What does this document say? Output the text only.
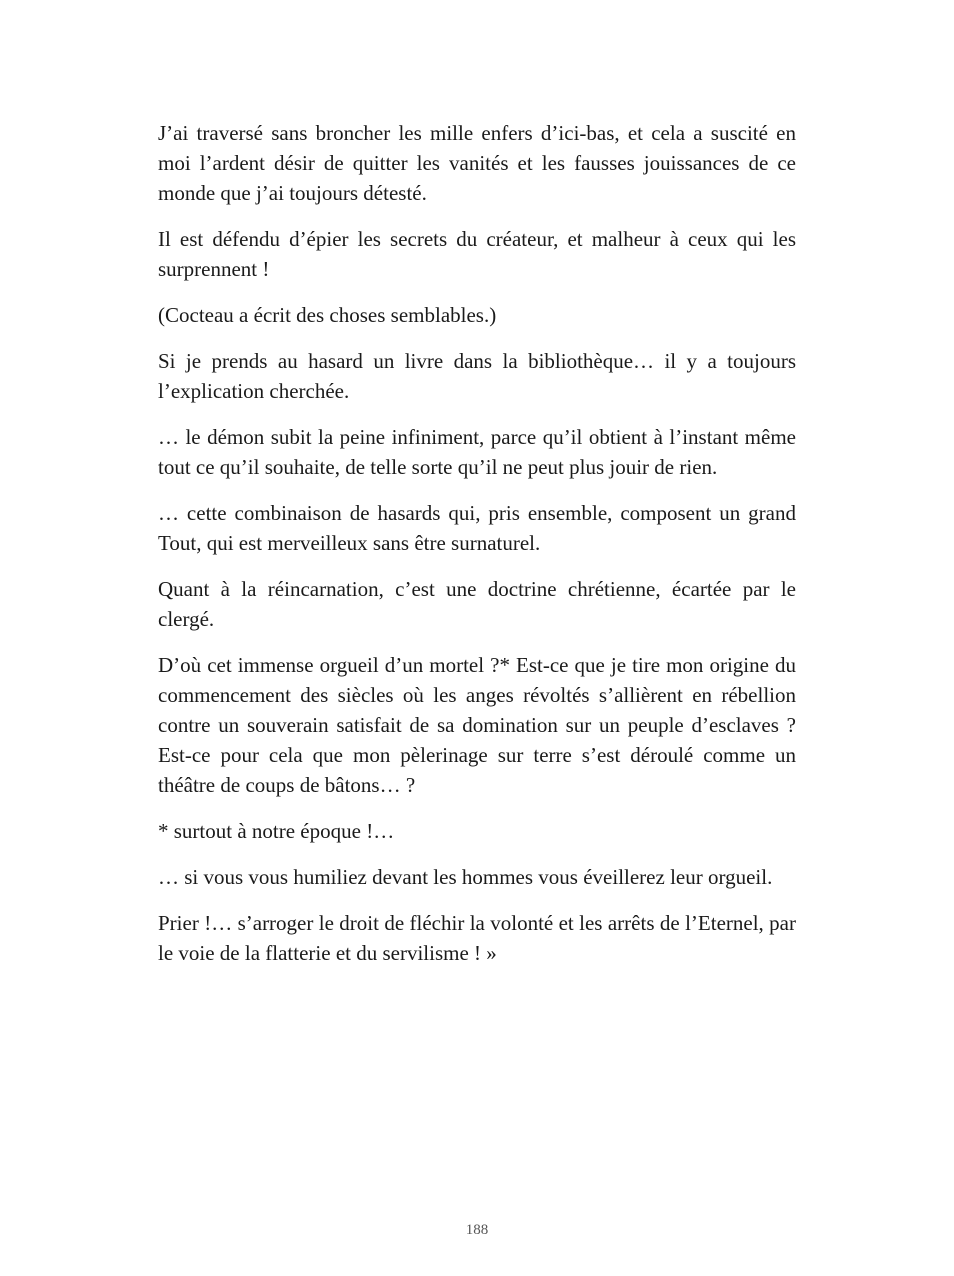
J’ai traversé sans broncher les mille enfers d’ici-bas, et cela a suscité en moi l’ardent désir de quitter les vanités et les fausses jouissances de ce monde que j’ai toujours détesté.

Il est défendu d’épier les secrets du créateur, et malheur à ceux qui les surprennent !

(Cocteau a écrit des choses semblables.)

Si je prends au hasard un livre dans la bibliothèque… il y a toujours l’explication cherchée.

… le démon subit la peine infiniment, parce qu’il obtient à l’instant même tout ce qu’il souhaite, de telle sorte qu’il ne peut plus jouir de rien.

… cette combinaison de hasards qui, pris ensemble, composent un grand Tout, qui est merveilleux sans être surnaturel.

Quant à la réincarnation, c’est une doctrine chrétienne, écartée par le clergé.

D’où cet immense orgueil d’un mortel ?* Est-ce que je tire mon origine du commencement des siècles où les anges révoltés s’allièrent en rébellion contre un souverain satisfait de sa domination sur un peuple d’esclaves ? Est-ce pour cela que mon pèlerinage sur terre s’est déroulé comme un théâtre de coups de bâtons… ?

* surtout à notre époque !…

… si vous vous humiliez devant les hommes vous éveillerez leur orgueil.

Prier !… s’arroger le droit de fléchir la volonté et les arrêts de l’Eternel, par le voie de la flatterie et du servilisme ! »

188
